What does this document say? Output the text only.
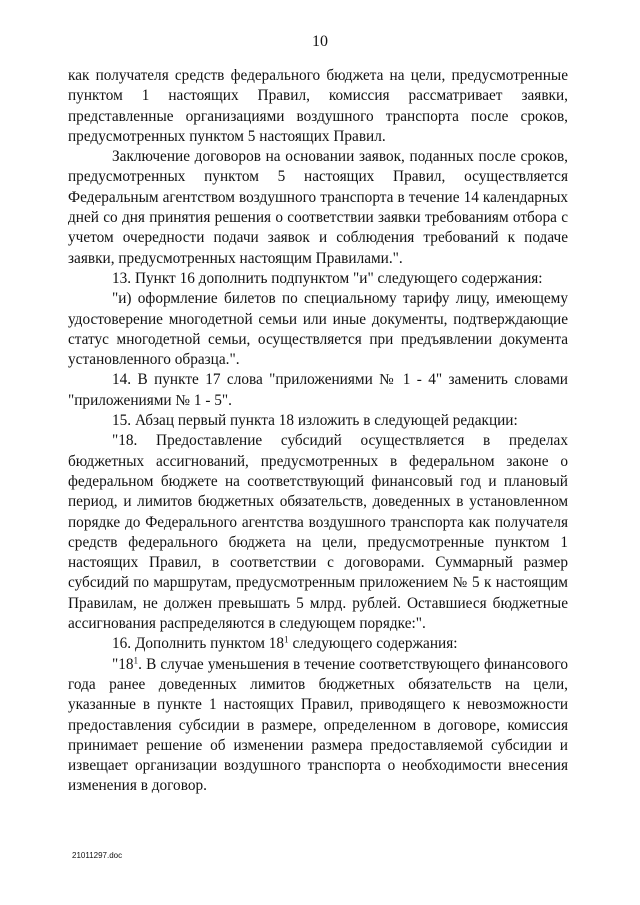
10

как получателя средств федерального бюджета на цели, предусмотренные пунктом 1 настоящих Правил, комиссия рассматривает заявки, представленные организациями воздушного транспорта после сроков, предусмотренных пунктом 5 настоящих Правил.

Заключение договоров на основании заявок, поданных после сроков, предусмотренных пунктом 5 настоящих Правил, осуществляется Федеральным агентством воздушного транспорта в течение 14 календарных дней со дня принятия решения о соответствии заявки требованиям отбора с учетом очередности подачи заявок и соблюдения требований к подаче заявки, предусмотренных настоящим Правилами.".

13. Пункт 16 дополнить подпунктом "и" следующего содержания:

"и) оформление билетов по специальному тарифу лицу, имеющему удостоверение многодетной семьи или иные документы, подтверждающие статус многодетной семьи, осуществляется при предъявлении документа установленного образца.".

14. В пункте 17 слова "приложениями № 1 - 4" заменить словами "приложениями № 1 - 5".

15. Абзац первый пункта 18 изложить в следующей редакции:

"18. Предоставление субсидий осуществляется в пределах бюджетных ассигнований, предусмотренных в федеральном законе о федеральном бюджете на соответствующий финансовый год и плановый период, и лимитов бюджетных обязательств, доведенных в установленном порядке до Федерального агентства воздушного транспорта как получателя средств федерального бюджета на цели, предусмотренные пунктом 1 настоящих Правил, в соответствии с договорами. Суммарный размер субсидий по маршрутам, предусмотренным приложением № 5 к настоящим Правилам, не должен превышать 5 млрд. рублей. Оставшиеся бюджетные ассигнования распределяются в следующем порядке:".

16. Дополнить пунктом $18^1$ следующего содержания:

"$18^1$. В случае уменьшения в течение соответствующего финансового года ранее доведенных лимитов бюджетных обязательств на цели, указанные в пункте 1 настоящих Правил, приводящего к невозможности предоставления субсидии в размере, определенном в договоре, комиссия принимает решение об изменении размера предоставляемой субсидии и извещает организации воздушного транспорта о необходимости внесения изменения в договор.

21011297.doc
